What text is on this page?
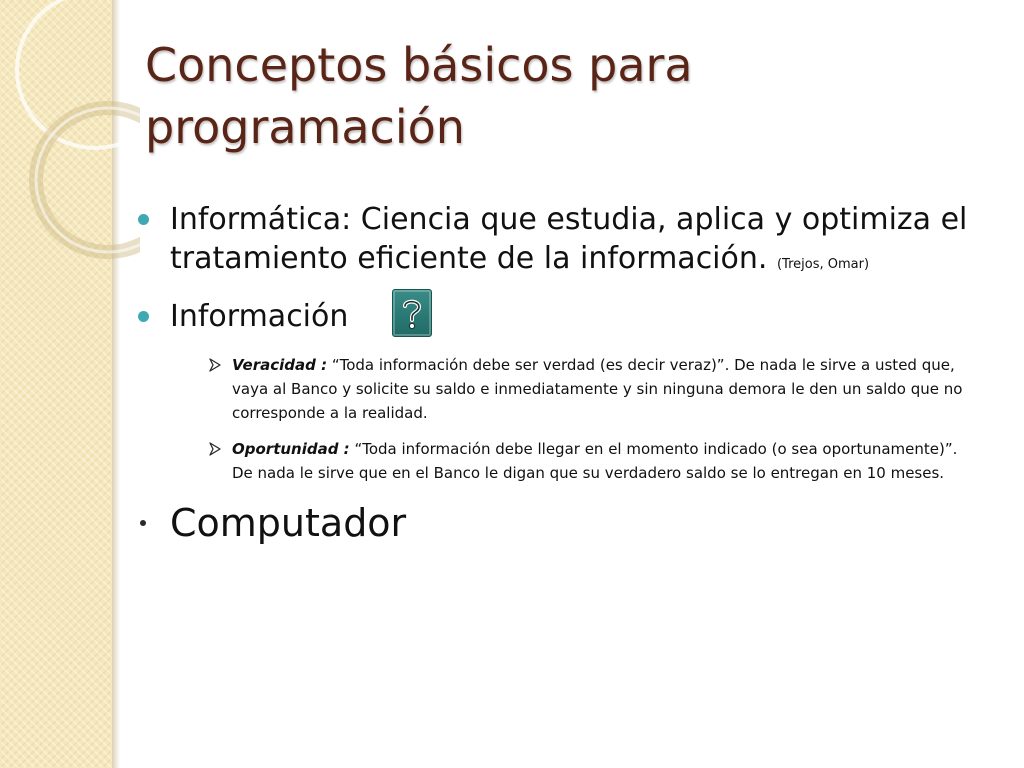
Conceptos básicos para programación
Informática: Ciencia que estudia, aplica y optimiza el tratamiento eficiente de la información. (Trejos, Omar)
Información
Veracidad : “Toda información debe ser verdad (es decir veraz)”. De nada le sirve a usted que, vaya al Banco y solicite su saldo e inmediatamente y sin ninguna demora le den un saldo que no corresponde a la realidad.
Oportunidad : “Toda información debe llegar en el momento indicado (o sea oportunamente)”. De nada le sirve que en el Banco le digan que su verdadero saldo se lo entregan en 10 meses.
Computador
